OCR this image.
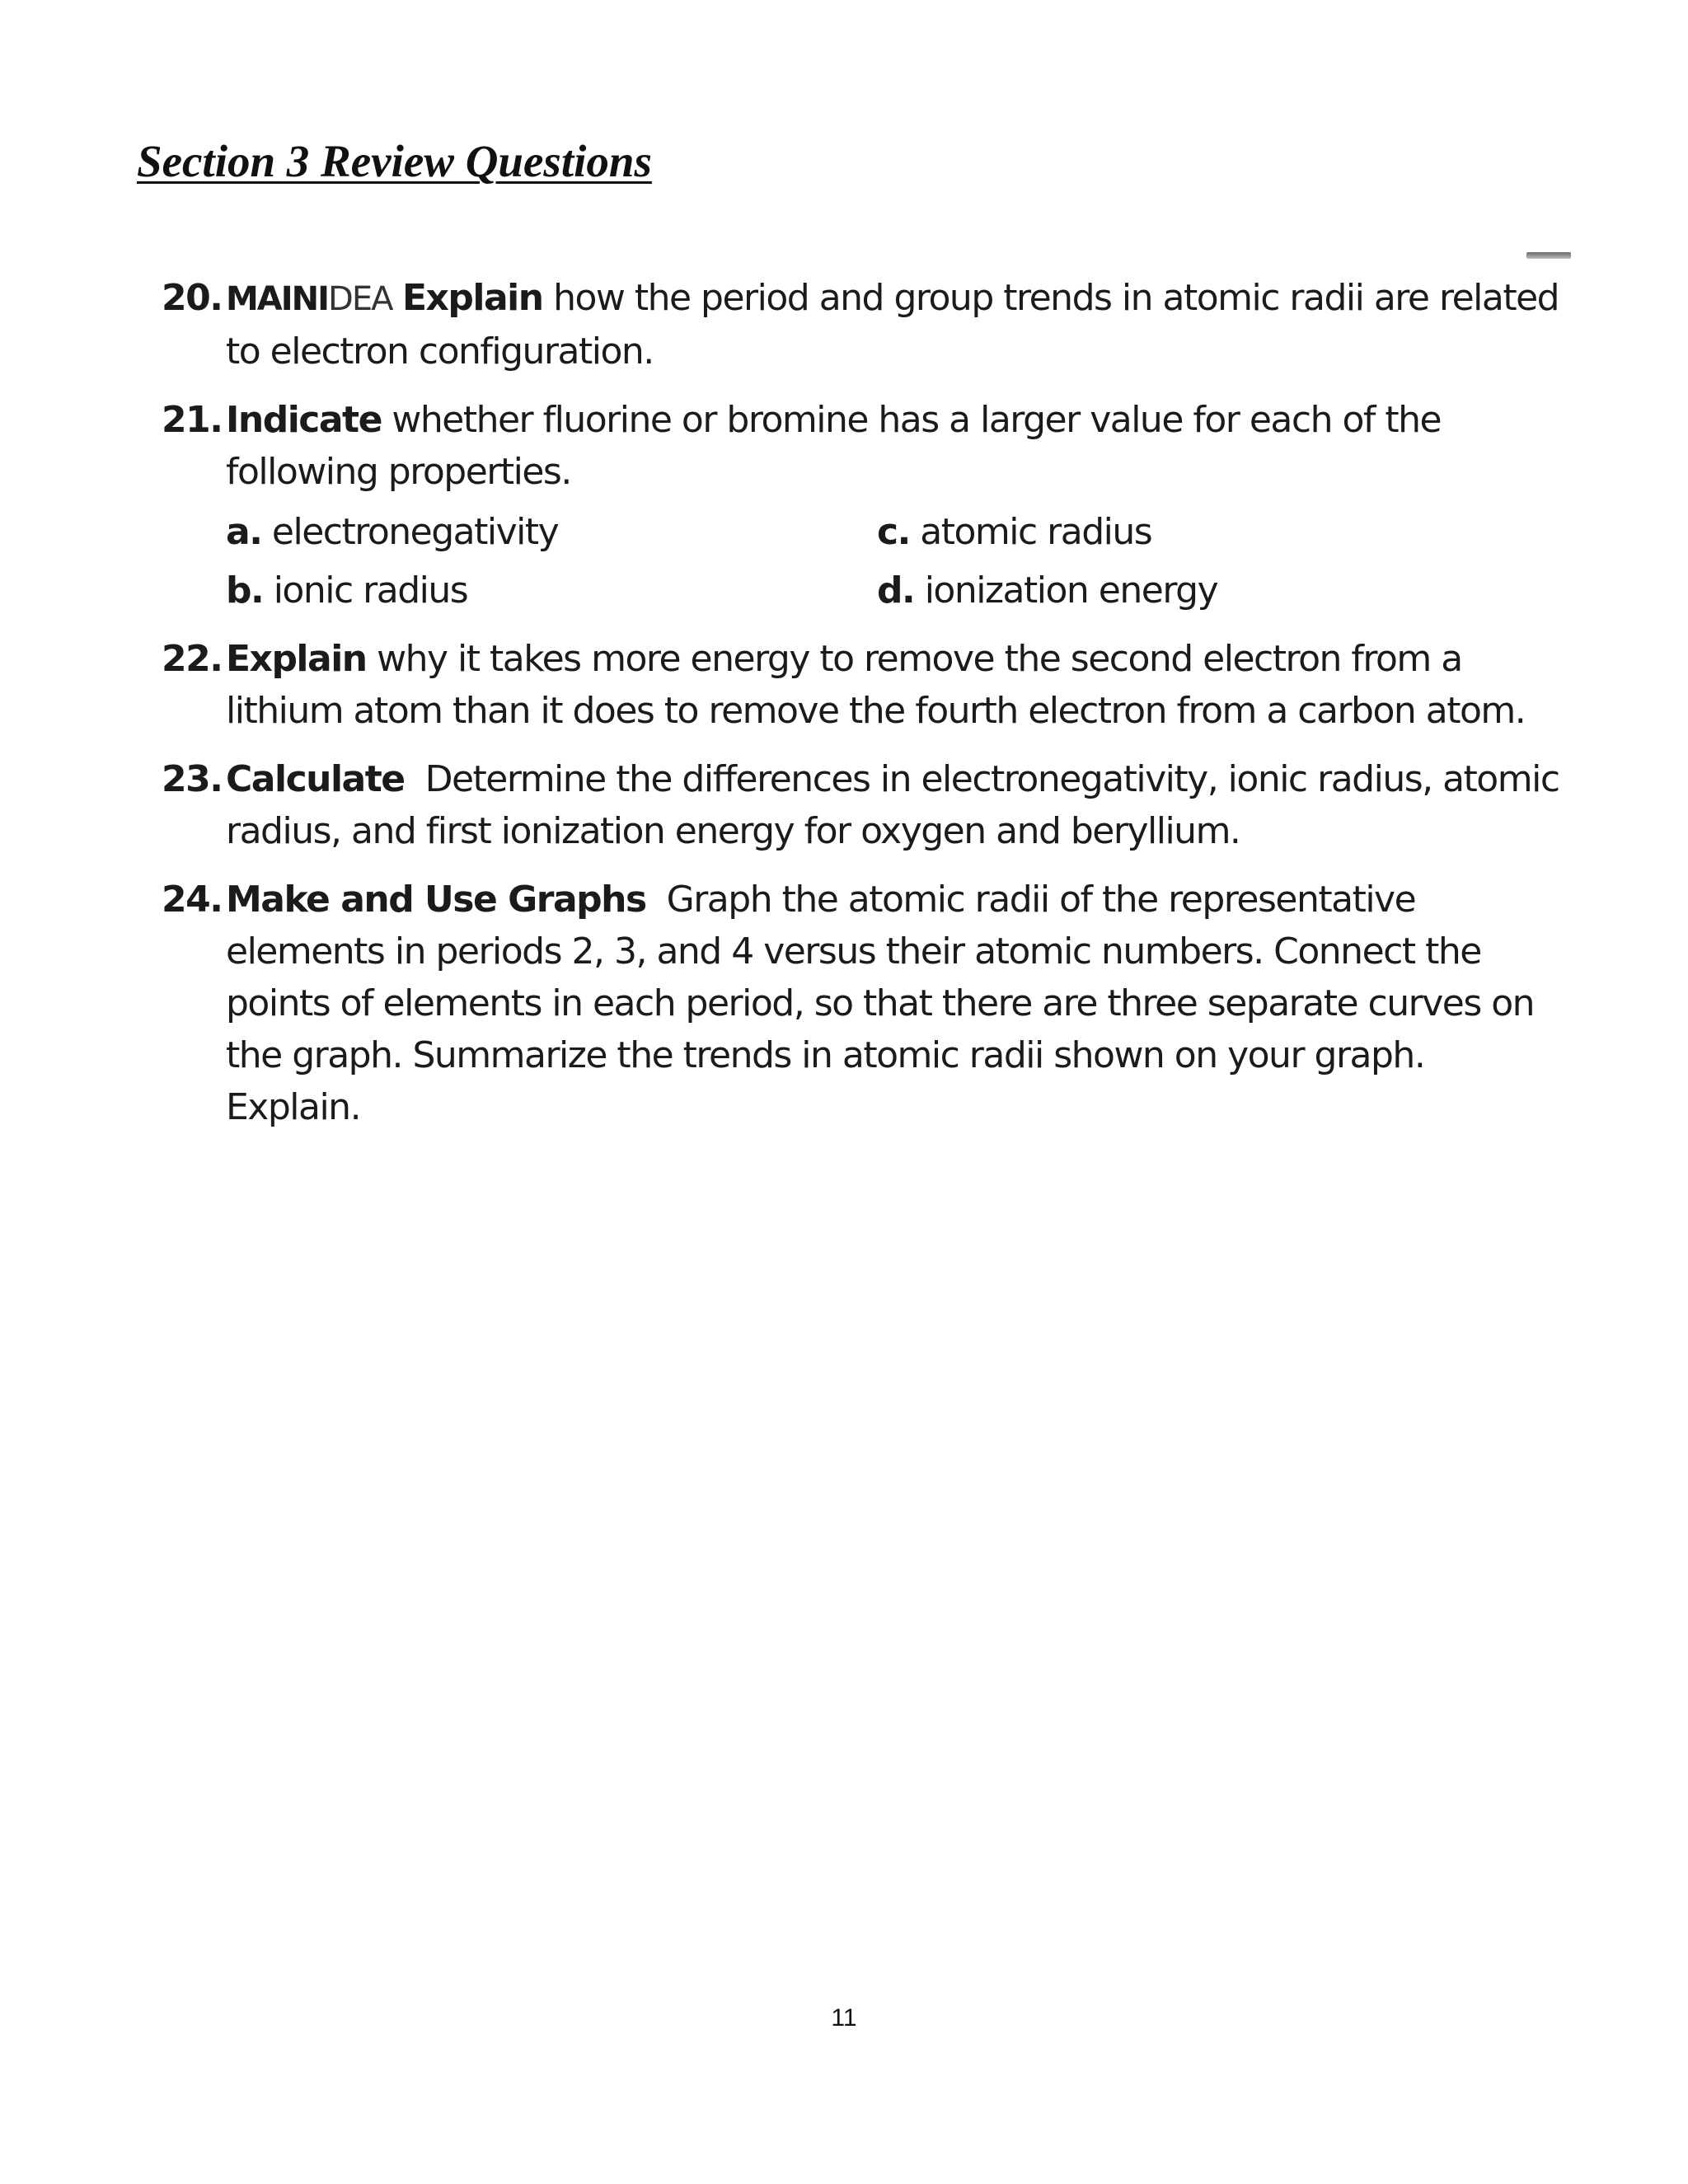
Section 3 Review Questions
20. MAINIDEA Explain how the period and group trends in atomic radii are related to electron configuration.
21. Indicate whether fluorine or bromine has a larger value for each of the following properties.
a. electronegativity	c. atomic radius
b. ionic radius	d. ionization energy
22. Explain why it takes more energy to remove the second electron from a lithium atom than it does to remove the fourth electron from a carbon atom.
23. Calculate  Determine the differences in electronegativity, ionic radius, atomic radius, and first ionization energy for oxygen and beryllium.
24. Make and Use Graphs  Graph the atomic radii of the representative elements in periods 2, 3, and 4 versus their atomic numbers. Connect the points of elements in each period, so that there are three separate curves on the graph. Summarize the trends in atomic radii shown on your graph. Explain.
11
